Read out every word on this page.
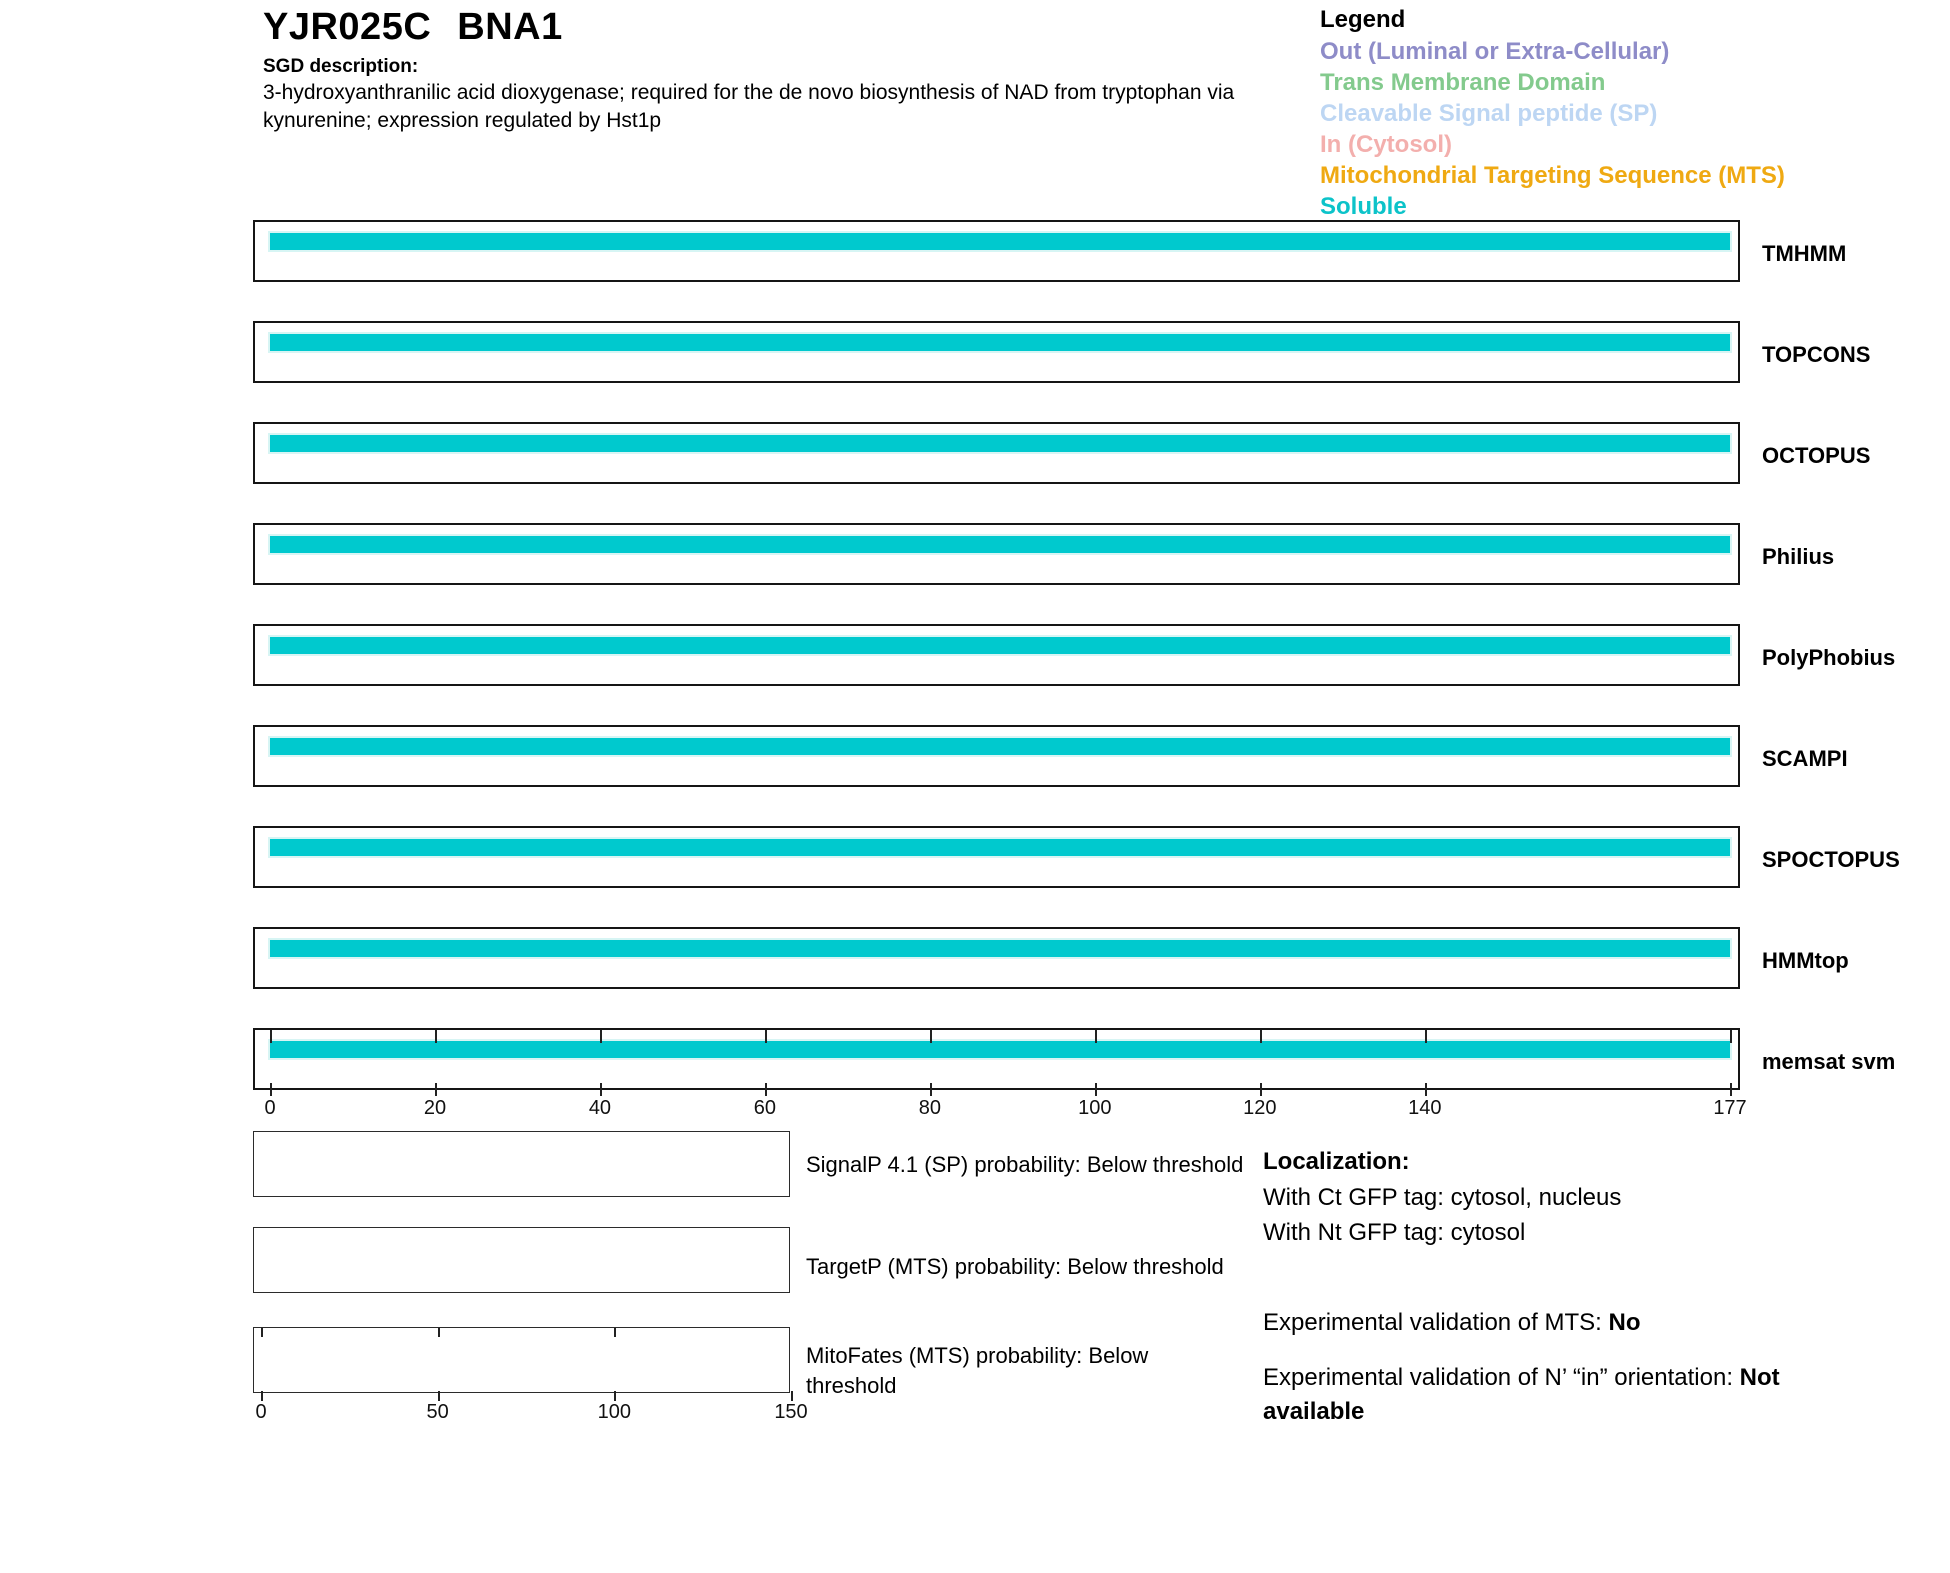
YJR025C BNA1
SGD description:
3-hydroxyanthranilic acid dioxygenase; required for the de novo biosynthesis of NAD from tryptophan via kynurenine; expression regulated by Hst1p
Legend
Out (Luminal or Extra-Cellular)
Trans Membrane Domain
Cleavable Signal peptide (SP)
In (Cytosol)
Mitochondrial Targeting Sequence (MTS)
Soluble
TMHMM
TOPCONS
OCTOPUS
Philius
PolyPhobius
SCAMPI
SPOCTOPUS
HMMtop
memsat svm
0	20	40	60	80	100	120	140	177
SignalP 4.1 (SP) probability: Below threshold
TargetP (MTS) probability: Below threshold
MitoFates (MTS) probability: Below threshold
0	50	100	150
Localization:
With Ct GFP tag: cytosol, nucleus
With Nt GFP tag: cytosol
Experimental validation of MTS: No
Experimental validation of N’ “in” orientation: Not available
